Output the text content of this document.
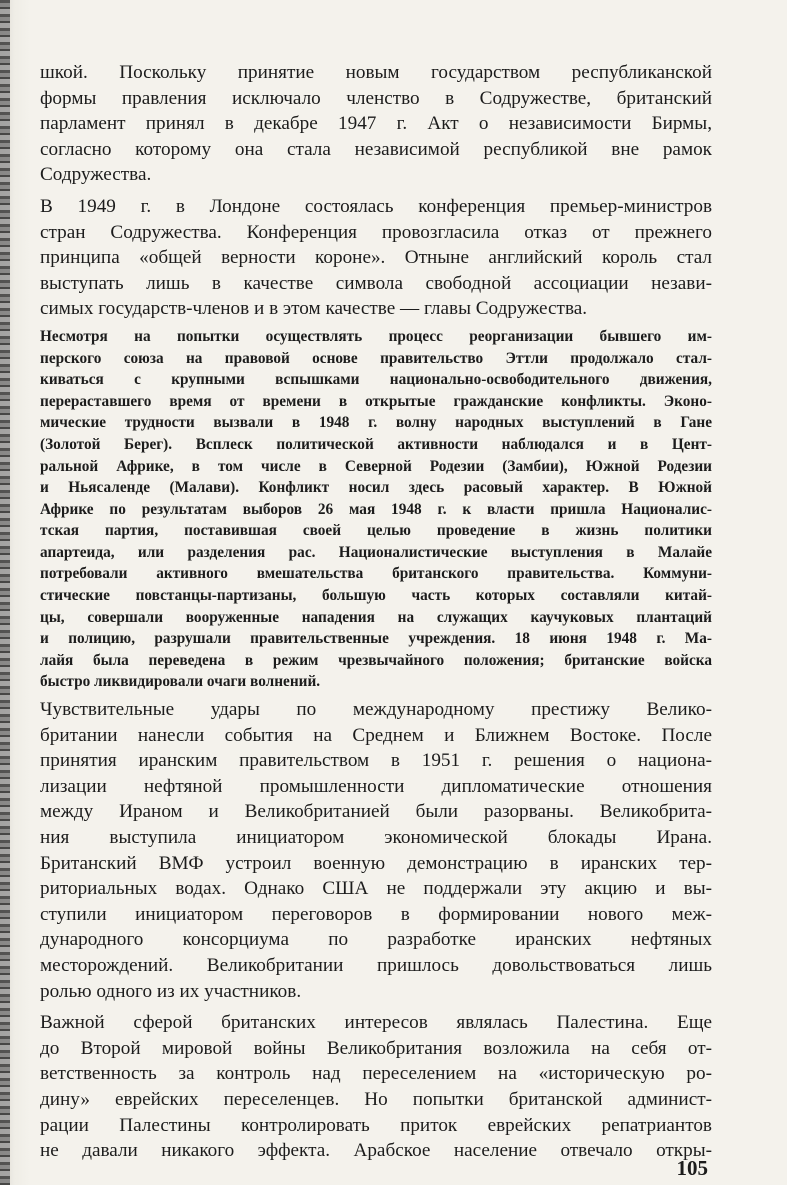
шкой. Поскольку принятие новым государством республиканской
формы правления исключало членство в Содружестве, британский
парламент принял в декабре 1947 г. Акт о независимости Бирмы,
согласно которому она стала независимой республикой вне рамок
Содружества.
В 1949 г. в Лондоне состоялась конференция премьер-министров
стран Содружества. Конференция провозгласила отказ от прежнего
принципа «общей верности короне». Отныне английский король стал
выступать лишь в качестве символа свободной ассоциации незави-
симых государств-членов и в этом качестве — главы Содружества.
Несмотря на попытки осуществлять процесс реорганизации бывшего им-
перского союза на правовой основе правительство Эттли продолжало стал-
киваться с крупными вспышками национально-освободительного движения,
перераставшего время от времени в открытые гражданские конфликты. Эконо-
мические трудности вызвали в 1948 г. волну народных выступлений в Гане
(Золотой Берег). Всплеск политической активности наблюдался и в Цент-
ральной Африке, в том числе в Северной Родезии (Замбии), Южной Родезии
и Ньясаленде (Малави). Конфликт носил здесь расовый характер. В Южной
Африке по результатам выборов 26 мая 1948 г. к власти пришла Националис-
тская партия, поставившая своей целью проведение в жизнь политики
апартеида, или разделения рас. Националистические выступления в Малайе
потребовали активного вмешательства британского правительства. Коммуни-
стические повстанцы-партизаны, большую часть которых составляли китай-
цы, совершали вооруженные нападения на служащих каучуковых плантаций
и полицию, разрушали правительственные учреждения. 18 июня 1948 г. Ма-
лайя была переведена в режим чрезвычайного положения; британские войска
быстро ликвидировали очаги волнений.
Чувствительные удары по международному престижу Велико-
британии нанесли события на Среднем и Ближнем Востоке. После
принятия иранским правительством в 1951 г. решения о национа-
лизации нефтяной промышленности дипломатические отношения
между Ираном и Великобританией были разорваны. Великобрита-
ния выступила инициатором экономической блокады Ирана.
Британский ВМФ устроил военную демонстрацию в иранских тер-
риториальных водах. Однако США не поддержали эту акцию и вы-
ступили инициатором переговоров в формировании нового меж-
дународного консорциума по разработке иранских нефтяных
месторождений. Великобритании пришлось довольствоваться лишь
ролью одного из их участников.
Важной сферой британских интересов являлась Палестина. Еще
до Второй мировой войны Великобритания возложила на себя от-
ветственность за контроль над переселением на «историческую ро-
дину» еврейских переселенцев. Но попытки британской админист-
рации Палестины контролировать приток еврейских репатриантов
не давали никакого эффекта. Арабское население отвечало откры-
105
